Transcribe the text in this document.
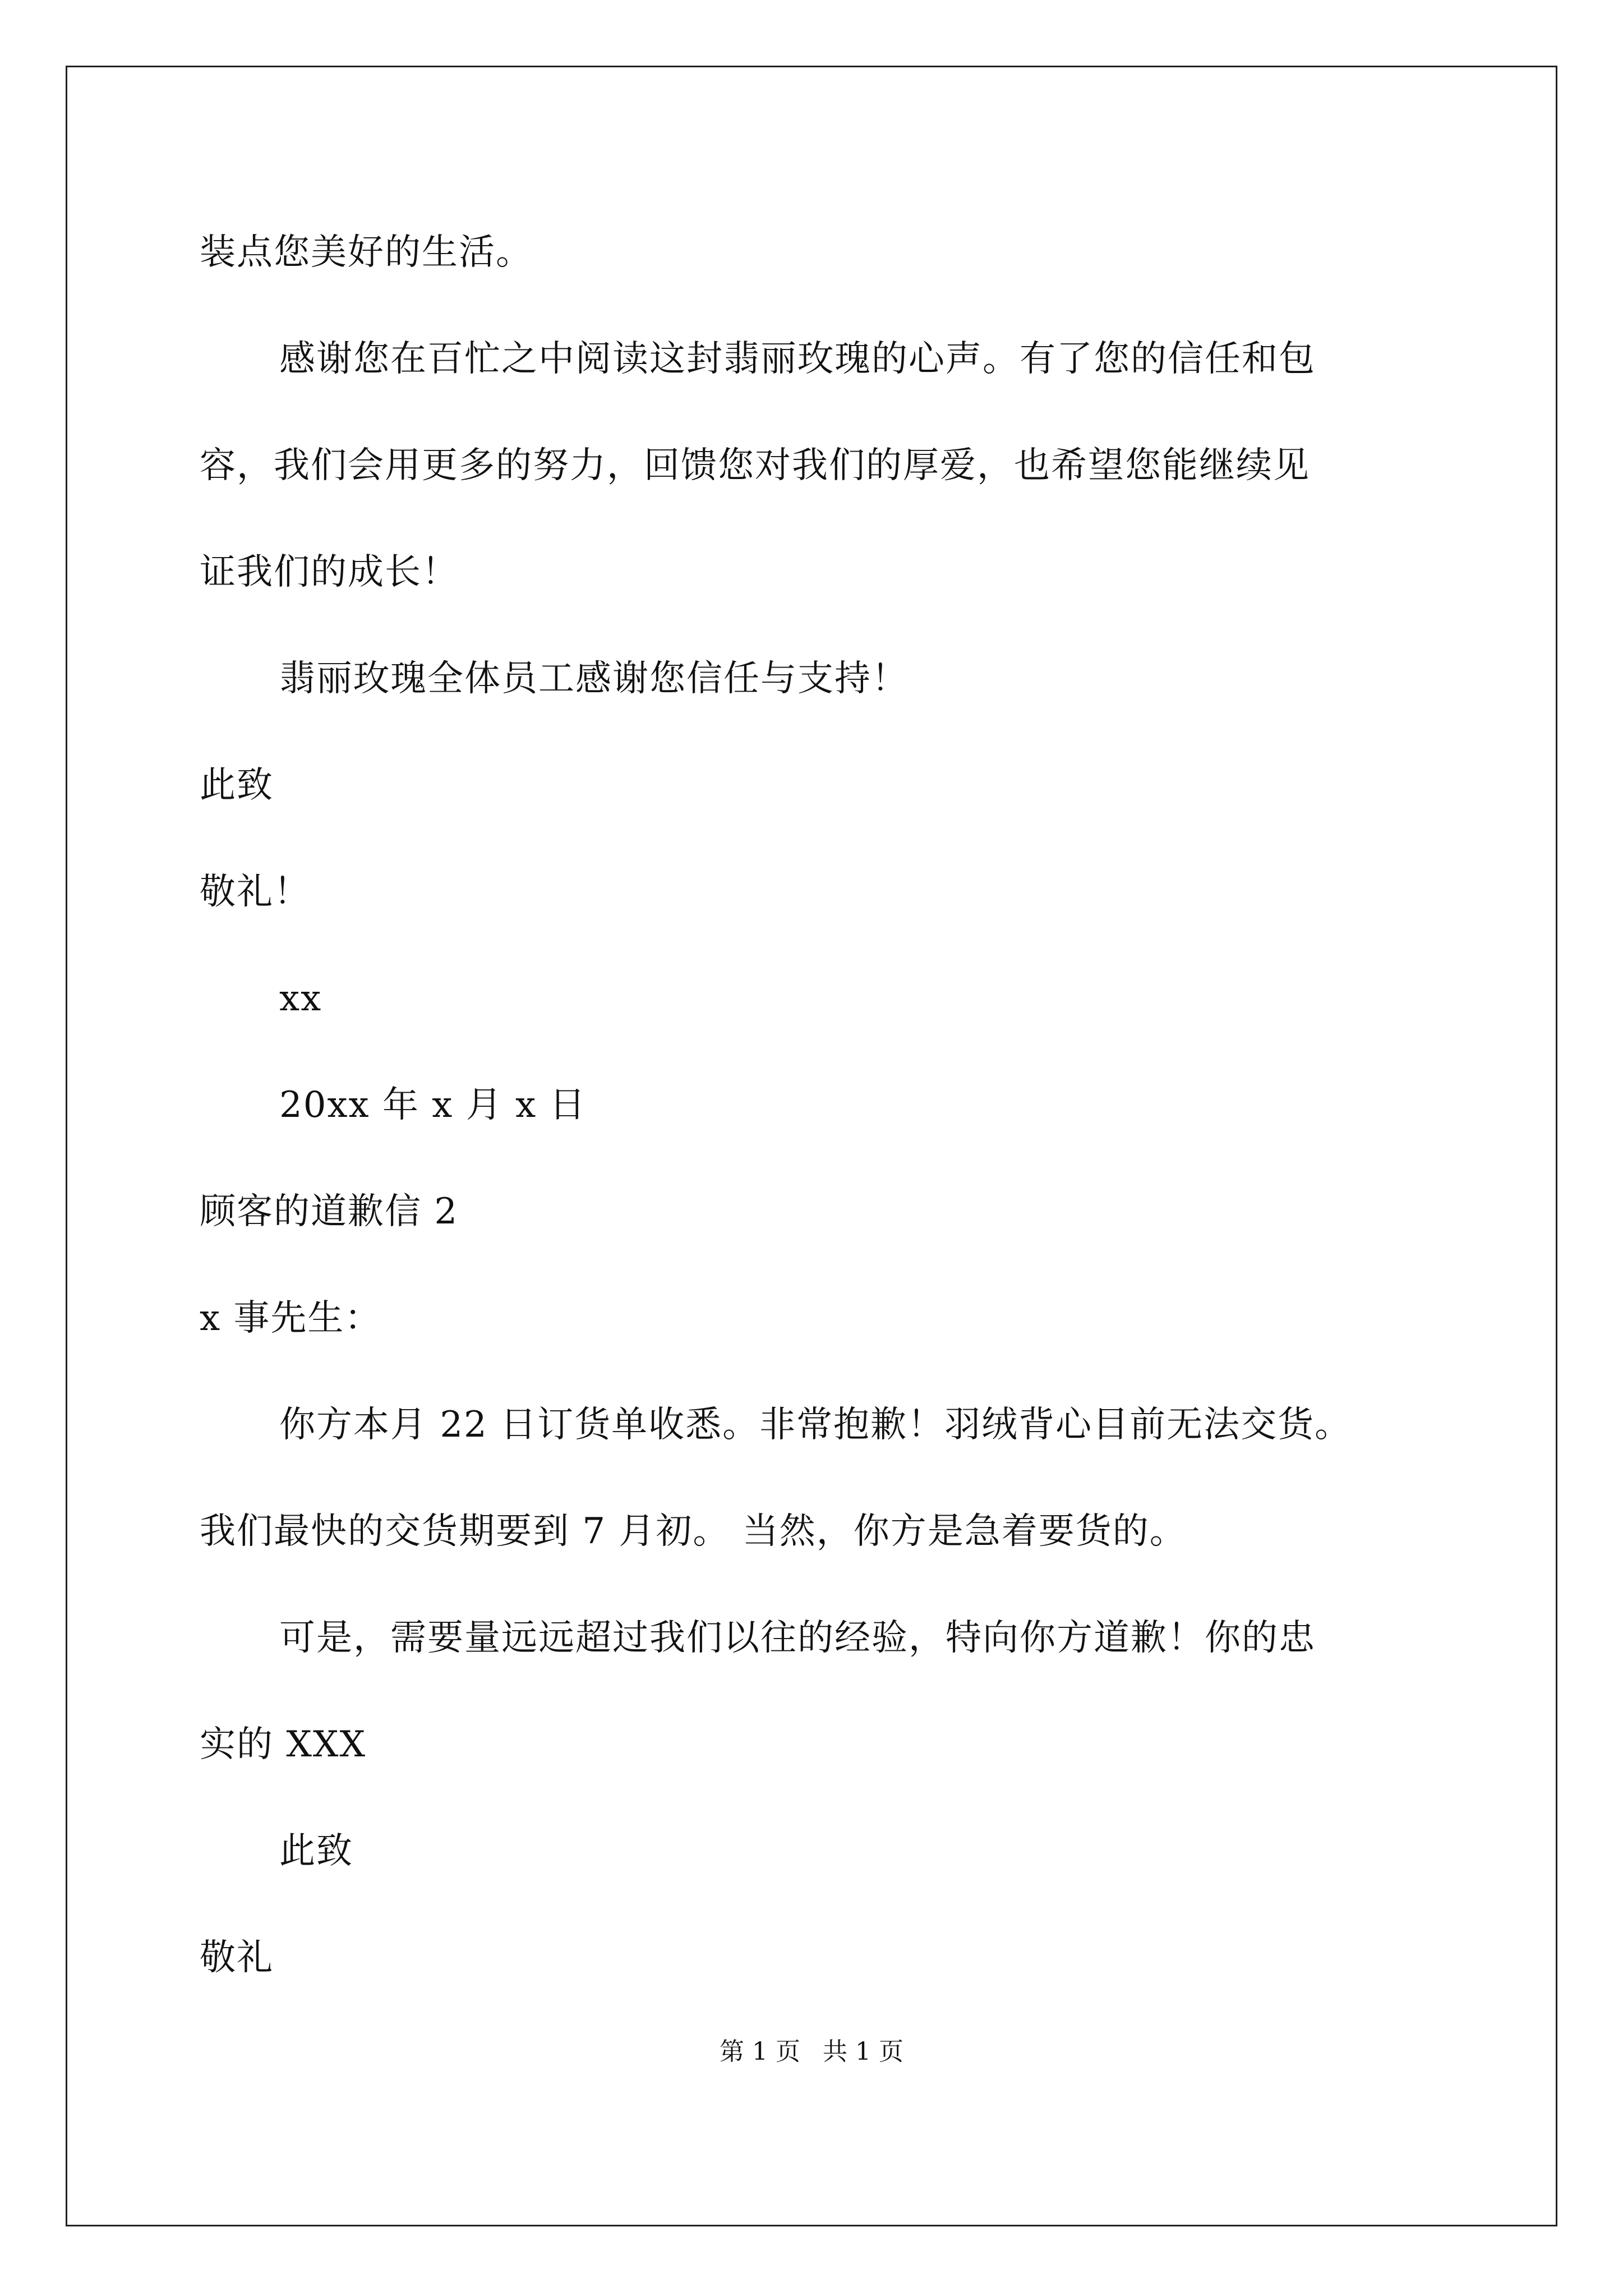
装点您美好的生活。
感谢您在百忙之中阅读这封翡丽玫瑰的心声。有了您的信任和包
容，我们会用更多的努力，回馈您对我们的厚爱，也希望您能继续见
证我们的成长！
翡丽玫瑰全体员工感谢您信任与支持！
此致
敬礼！
xx
20xx 年 x 月 x 日
顾客的道歉信 2
x 事先生：
你方本月 22 日订货单收悉。非常抱歉！羽绒背心目前无法交货。
我们最快的交货期要到 7 月初。 当然，你方是急着要货的。
可是，需要量远远超过我们以往的经验，特向你方道歉！你的忠
实的 XXX
此致
敬礼
第 1 页 共 1 页
